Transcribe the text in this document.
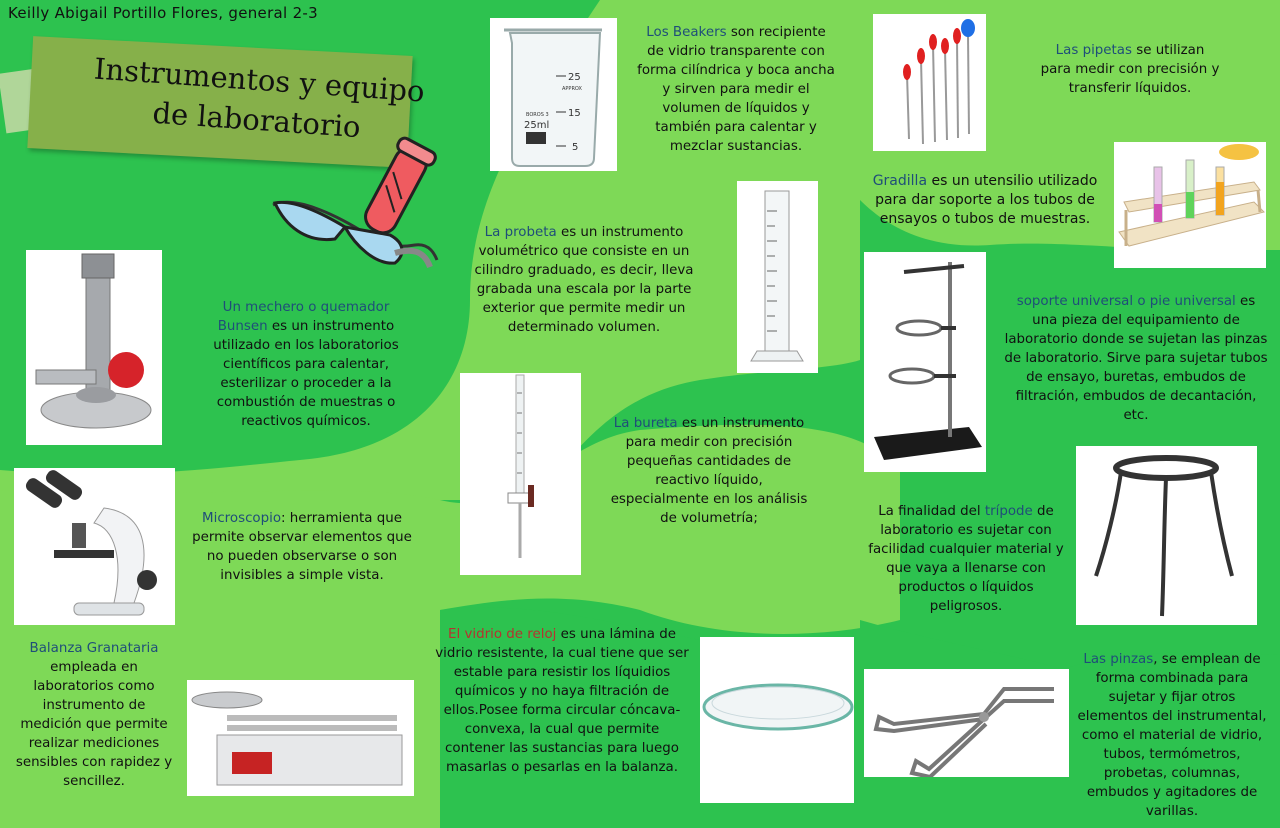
Keilly Abigail Portillo Flores, general 2-3
Instrumentos y equipo de laboratorio
25
APPROX
15
5
BOROS 3
25ml
Los Beakers son recipiente de vidrio transparente con forma cilíndrica y boca ancha y sirven para medir el volumen de líquidos y también para calentar y mezclar sustancias.
Las pipetas se utilizan para medir con precisión y transferir líquidos.
Gradilla es un utensilio utilizado para dar soporte a los tubos de ensayos o tubos de muestras.
La probeta es un instrumento volumétrico que consiste en un cilindro graduado, es decir, lleva grabada una escala por la parte exterior que permite medir un determinado volumen.
Un mechero o quemador Bunsen es un instrumento utilizado en los laboratorios científicos para calentar, esterilizar o proceder a la combustión de muestras o reactivos químicos.
soporte universal o pie universal es una pieza del equipamiento de laboratorio donde se sujetan las pinzas de laboratorio. Sirve para sujetar tubos de ensayo, buretas, embudos de filtración, embudos de decantación, etc.
La bureta es un instrumento para medir con precisión pequeñas cantidades de reactivo líquido, especialmente en los análisis de volumetría;
Microscopio: herramienta que permite observar elementos que no pueden observarse o son invisibles a simple vista.
La finalidad del trípode de laboratorio es sujetar con facilidad cualquier material y que vaya a llenarse con productos o líquidos peligrosos.
Balanza Granataria empleada en laboratorios como instrumento de medición que permite realizar mediciones sensibles con rapidez y sencillez.
El vidrio de reloj es una lámina de vidrio resistente, la cual tiene que ser estable para resistir los líquidios químicos y no haya filtración de ellos.Posee forma circular cóncava-convexa, la cual que permite contener las sustancias para luego masarlas o pesarlas en la balanza.
Las pinzas, se emplean de forma combinada para sujetar y fijar otros elementos del instrumental, como el material de vidrio, tubos, termómetros, probetas, columnas, embudos y agitadores de varillas.
